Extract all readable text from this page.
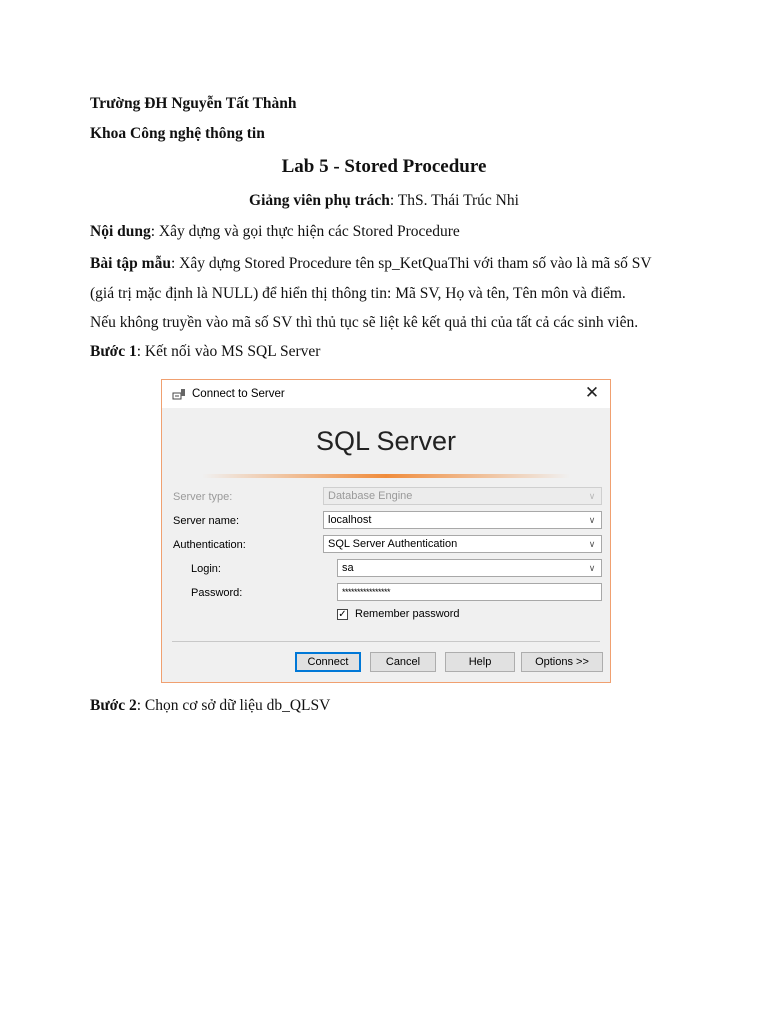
Trường ĐH Nguyễn Tất Thành
Khoa Công nghệ thông tin
Lab 5 - Stored Procedure
Giảng viên phụ trách: ThS. Thái Trúc Nhi
Nội dung: Xây dựng và gọi thực hiện các Stored Procedure
Bài tập mẫu: Xây dựng Stored Procedure tên sp_KetQuaThi với tham số vào là mã số SV
(giá trị mặc định là NULL) để hiển thị thông tin: Mã SV, Họ và tên, Tên môn và điểm.
Nếu không truyền vào mã số SV thì thủ tục sẽ liệt kê kết quả thi của tất cả các sinh viên.
Bước 1: Kết nối vào MS SQL Server
Bước 2: Chọn cơ sở dữ liệu db_QLSV
Connect to Server	✕
SQL Server
Server type:	Database Engine	∨
Server name:	localhost	∨
Authentication:	SQL Server Authentication	∨
Login:	sa	∨
Password:	****************
✓ Remember password
Connect	Cancel	Help	Options >>
